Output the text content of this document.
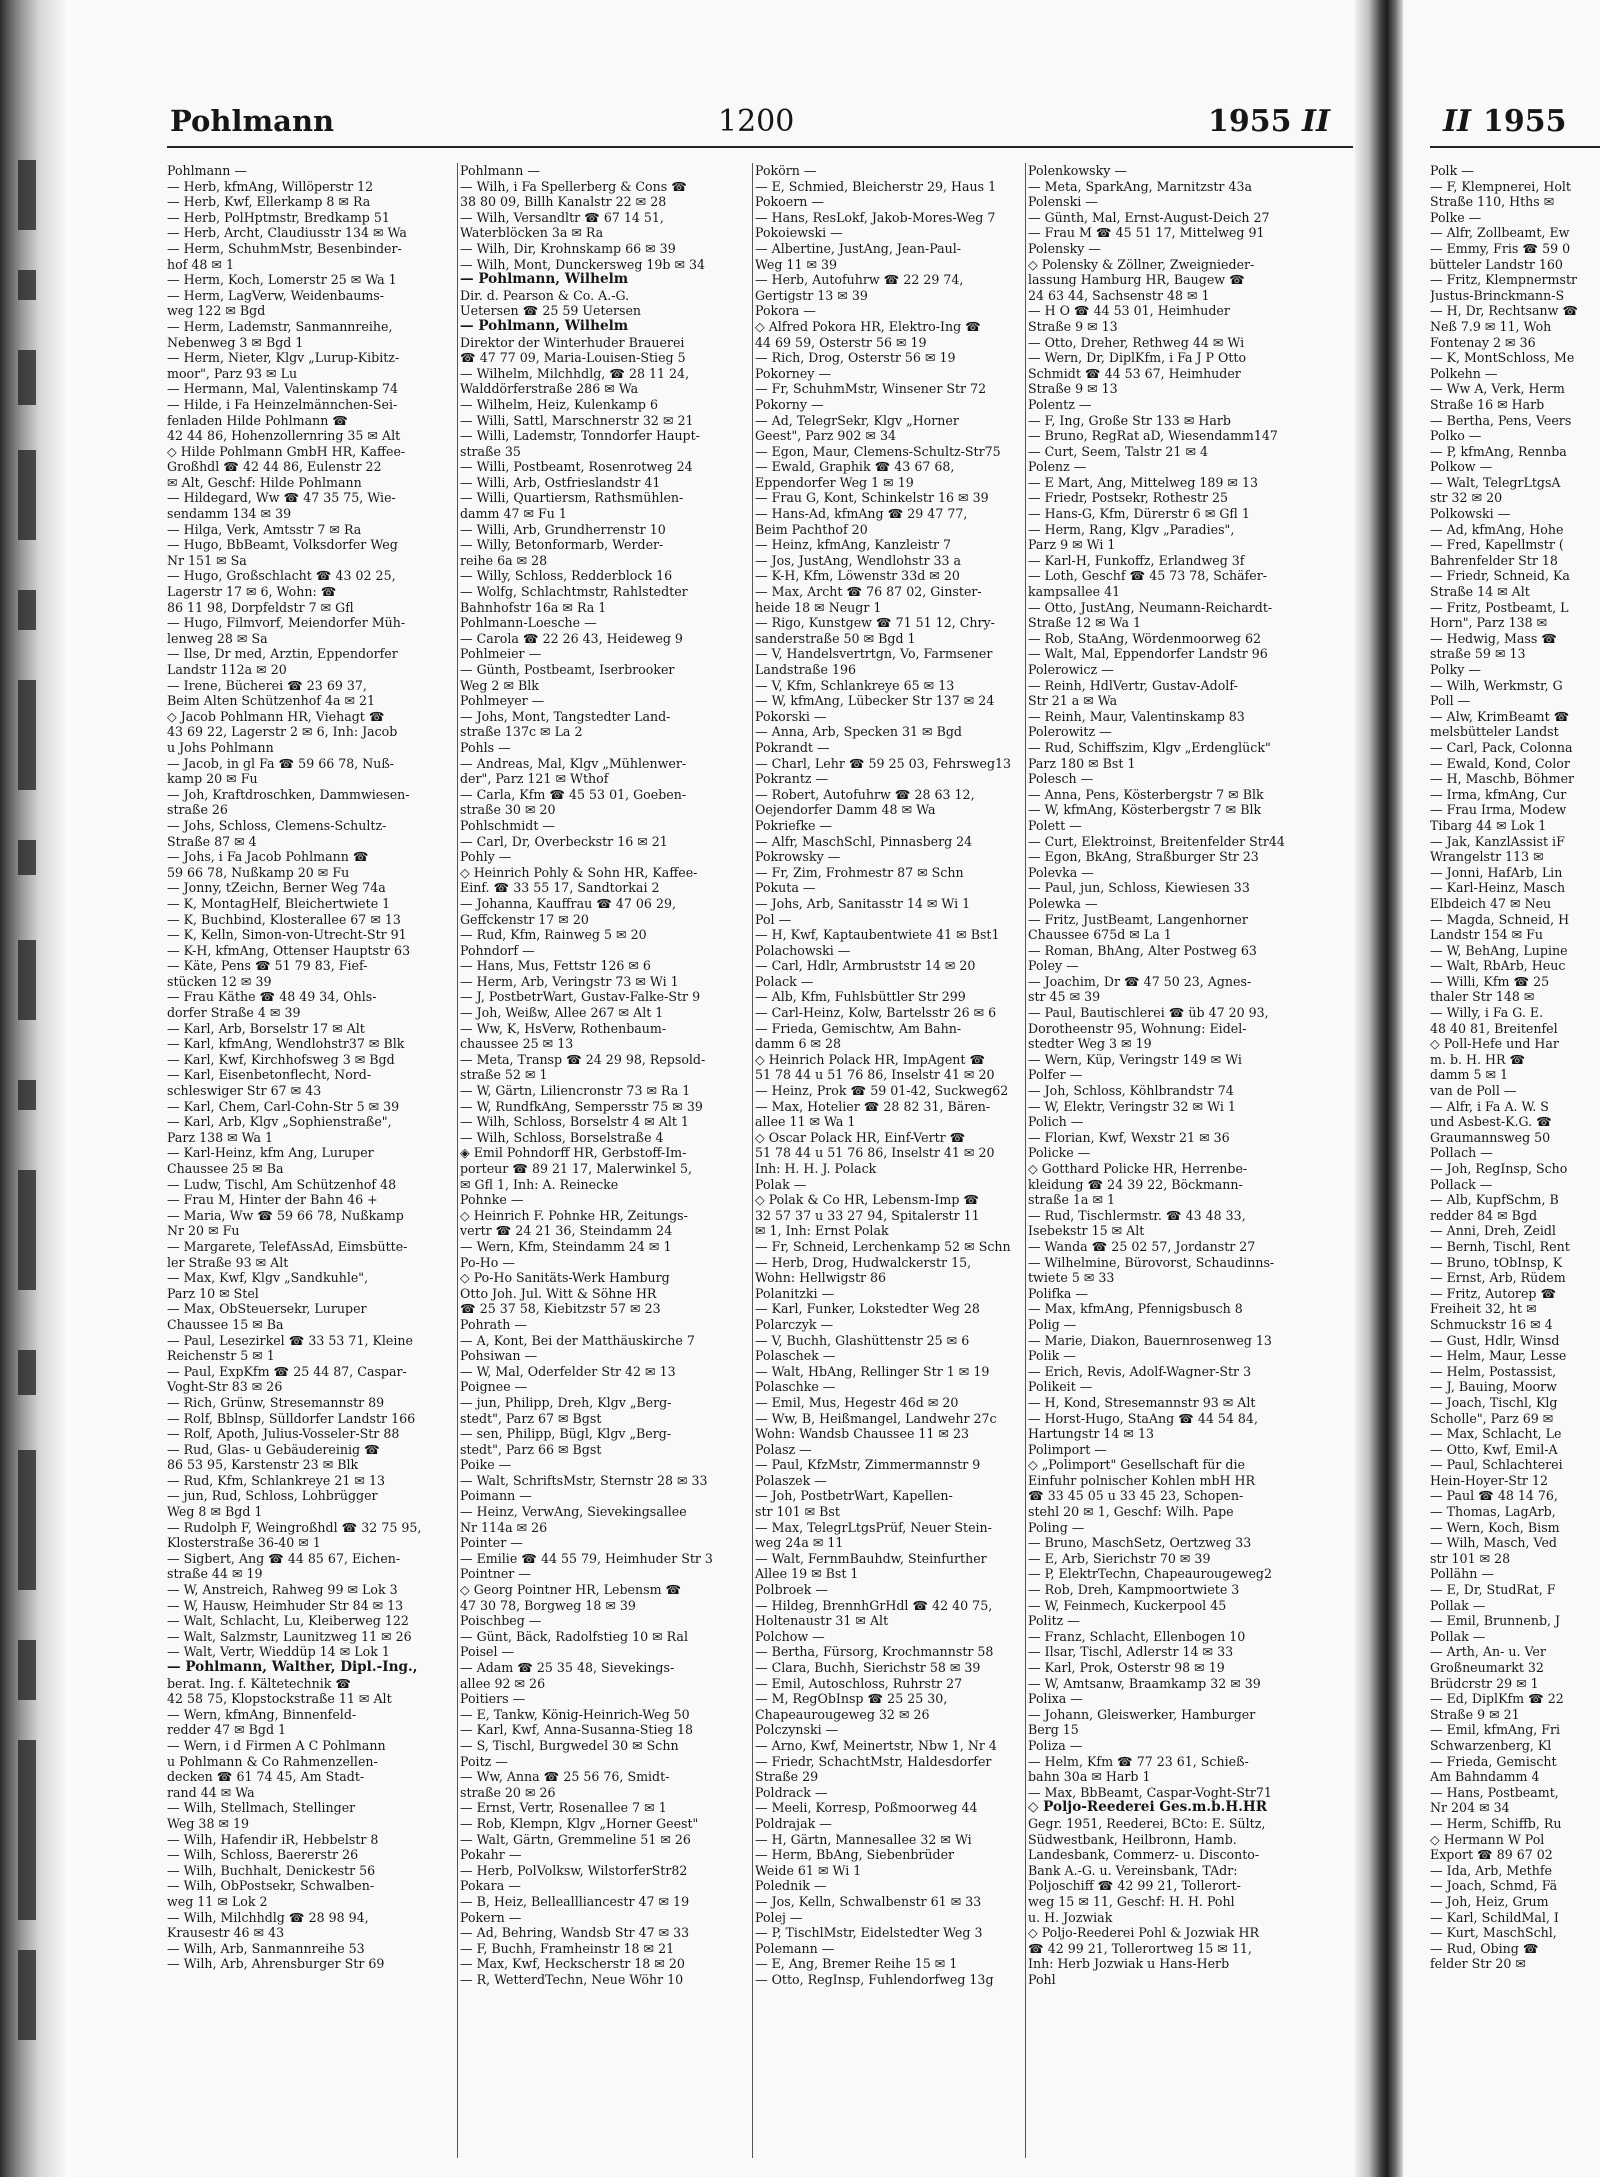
II 1955
Pohlmann	1200	1955 II
Pohlmann —
— Herb, kfmAng, Willöperstr 12
— Herb, Kwf, Ellerkamp 8 ✉ Ra
— Herb, PolHptmstr, Bredkamp 51
— Herb, Archt, Claudiusstr 134 ✉ Wa
— Herm, SchuhmMstr, Besenbinder-
hof 48 ✉ 1
— Herm, Koch, Lomerstr 25 ✉ Wa 1
— Herm, LagVerw, Weidenbaums-
weg 122 ✉ Bgd
— Herm, Lademstr, Sanmannreihe,
Nebenweg 3 ✉ Bgd 1
— Herm, Nieter, Klgv „Lurup-Kibitz-
moor", Parz 93 ✉ Lu
— Hermann, Mal, Valentinskamp 74
— Hilde, i Fa Heinzelmännchen-Sei-
fenladen Hilde Pohlmann ☎
42 44 86, Hohenzollernring 35 ✉ Alt
◇ Hilde Pohlmann GmbH HR, Kaffee-
Großhdl ☎ 42 44 86, Eulenstr 22
✉ Alt, Geschf: Hilde Pohlmann
— Hildegard, Ww ☎ 47 35 75, Wie-
sendamm 134 ✉ 39
— Hilga, Verk, Amtsstr 7 ✉ Ra
— Hugo, BbBeamt, Volksdorfer Weg
Nr 151 ✉ Sa
— Hugo, Großschlacht ☎ 43 02 25,
Lagerstr 17 ✉ 6, Wohn: ☎
86 11 98, Dorpfeldstr 7 ✉ Gfl
— Hugo, Filmvorf, Meiendorfer Müh-
lenweg 28 ✉ Sa
— Ilse, Dr med, Arztin, Eppendorfer
Landstr 112a ✉ 20
— Irene, Bücherei ☎ 23 69 37,
Beim Alten Schützenhof 4a ✉ 21
◇ Jacob Pohlmann HR, Viehagt ☎
43 69 22, Lagerstr 2 ✉ 6, Inh: Jacob
u Johs Pohlmann
— Jacob, in gl Fa ☎ 59 66 78, Nuß-
kamp 20 ✉ Fu
— Joh, Kraftdroschken, Dammwiesen-
straße 26
— Johs, Schloss, Clemens-Schultz-
Straße 87 ✉ 4
— Johs, i Fa Jacob Pohlmann ☎
59 66 78, Nußkamp 20 ✉ Fu
— Jonny, tZeichn, Berner Weg 74a
— K, MontagHelf, Bleichertwiete 1
— K, Buchbind, Klosterallee 67 ✉ 13
— K, Kelln, Simon-von-Utrecht-Str 91
— K-H, kfmAng, Ottenser Hauptstr 63
— Käte, Pens ☎ 51 79 83, Fief-
stücken 12 ✉ 39
— Frau Käthe ☎ 48 49 34, Ohls-
dorfer Straße 4 ✉ 39
— Karl, Arb, Borselstr 17 ✉ Alt
— Karl, kfmAng, Wendlohstr37 ✉ Blk
— Karl, Kwf, Kirchhofsweg 3 ✉ Bgd
— Karl, Eisenbetonflecht, Nord-
schleswiger Str 67 ✉ 43
— Karl, Chem, Carl-Cohn-Str 5 ✉ 39
— Karl, Arb, Klgv „Sophienstraße",
Parz 138 ✉ Wa 1
— Karl-Heinz, kfm Ang, Luruper
Chaussee 25 ✉ Ba
— Ludw, Tischl, Am Schützenhof 48
— Frau M, Hinter der Bahn 46 +
— Maria, Ww ☎ 59 66 78, Nußkamp
Nr 20 ✉ Fu
— Margarete, TelefAssAd, Eimsbütte-
ler Straße 93 ✉ Alt
— Max, Kwf, Klgv „Sandkuhle",
Parz 10 ✉ Stel
— Max, ObSteuersekr, Luruper
Chaussee 15 ✉ Ba
— Paul, Lesezirkel ☎ 33 53 71, Kleine
Reichenstr 5 ✉ 1
— Paul, ExpKfm ☎ 25 44 87, Caspar-
Voght-Str 83 ✉ 26
— Rich, Grünw, Stresemannstr 89
— Rolf, Bblnsp, Sülldorfer Landstr 166
— Rolf, Apoth, Julius-Vosseler-Str 88
— Rud, Glas- u Gebäudereinig ☎
86 53 95, Karstenstr 23 ✉ Blk
— Rud, Kfm, Schlankreye 21 ✉ 13
— jun, Rud, Schloss, Lohbrügger
Weg 8 ✉ Bgd 1
— Rudolph F, Weingroßhdl ☎ 32 75 95,
Klosterstraße 36-40 ✉ 1
— Sigbert, Ang ☎ 44 85 67, Eichen-
straße 44 ✉ 19
— W, Anstreich, Rahweg 99 ✉ Lok 3
— W, Hausw, Heimhuder Str 84 ✉ 13
— Walt, Schlacht, Lu, Kleiberweg 122
— Walt, Salzmstr, Launitzweg 11 ✉ 26
— Walt, Vertr, Wieddüp 14 ✉ Lok 1
— Pohlmann, Walther, Dipl.-Ing.,
berat. Ing. f. Kältetechnik ☎
42 58 75, Klopstockstraße 11 ✉ Alt
— Wern, kfmAng, Binnenfeld-
redder 47 ✉ Bgd 1
— Wern, i d Firmen A C Pohlmann
u Pohlmann & Co Rahmenzellen-
decken ☎ 61 74 45, Am Stadt-
rand 44 ✉ Wa
— Wilh, Stellmach, Stellinger
Weg 38 ✉ 19
— Wilh, Hafendir iR, Hebbelstr 8
— Wilh, Schloss, Baererstr 26
— Wilh, Buchhalt, Denickestr 56
— Wilh, ObPostsekr, Schwalben-
weg 11 ✉ Lok 2
— Wilh, Milchhdlg ☎ 28 98 94,
Krausestr 46 ✉ 43
— Wilh, Arb, Sanmannreihe 53
— Wilh, Arb, Ahrensburger Str 69
Pohlmann —
— Wilh, i Fa Spellerberg & Cons ☎
38 80 09, Billh Kanalstr 22 ✉ 28
— Wilh, Versandltr ☎ 67 14 51,
Waterblöcken 3a ✉ Ra
— Wilh, Dir, Krohnskamp 66 ✉ 39
— Wilh, Mont, Dunckersweg 19b ✉ 34
— Pohlmann, Wilhelm
Dir. d. Pearson & Co. A.-G.
Uetersen ☎ 25 59 Uetersen
— Pohlmann, Wilhelm
Direktor der Winterhuder Brauerei
☎ 47 77 09, Maria-Louisen-Stieg 5
— Wilhelm, Milchhdlg, ☎ 28 11 24,
Walddörferstraße 286 ✉ Wa
— Wilhelm, Heiz, Kulenkamp 6
— Willi, Sattl, Marschnerstr 32 ✉ 21
— Willi, Lademstr, Tonndorfer Haupt-
straße 35
— Willi, Postbeamt, Rosenrotweg 24
— Willi, Arb, Ostfrieslandstr 41
— Willi, Quartiersm, Rathsmühlen-
damm 47 ✉ Fu 1
— Willi, Arb, Grundherrenstr 10
— Willy, Betonformarb, Werder-
reihe 6a ✉ 28
— Willy, Schloss, Redderblock 16
— Wolfg, Schlachtmstr, Rahlstedter
Bahnhofstr 16a ✉ Ra 1
Pohlmann-Loesche —
— Carola ☎ 22 26 43, Heideweg 9
Pohlmeier —
— Günth, Postbeamt, Iserbrooker
Weg 2 ✉ Blk
Pohlmeyer —
— Johs, Mont, Tangstedter Land-
straße 137c ✉ La 2
Pohls —
— Andreas, Mal, Klgv „Mühlenwer-
der", Parz 121 ✉ Wthof
— Carla, Kfm ☎ 45 53 01, Goeben-
straße 30 ✉ 20
Pohlschmidt —
— Carl, Dr, Overbeckstr 16 ✉ 21
Pohly —
◇ Heinrich Pohly & Sohn HR, Kaffee-
Einf. ☎ 33 55 17, Sandtorkai 2
— Johanna, Kauffrau ☎ 47 06 29,
Geffckenstr 17 ✉ 20
— Rud, Kfm, Rainweg 5 ✉ 20
Pohndorf —
— Hans, Mus, Fettstr 126 ✉ 6
— Herm, Arb, Veringstr 73 ✉ Wi 1
— J, PostbetrWart, Gustav-Falke-Str 9
— Joh, Weißw, Allee 267 ✉ Alt 1
— Ww, K, HsVerw, Rothenbaum-
chaussee 25 ✉ 13
— Meta, Transp ☎ 24 29 98, Repsold-
straße 52 ✉ 1
— W, Gärtn, Liliencronstr 73 ✉ Ra 1
— W, RundfkAng, Sempersstr 75 ✉ 39
— Wilh, Schloss, Borselstr 4 ✉ Alt 1
— Wilh, Schloss, Borselstraße 4
◈ Emil Pohndorff HR, Gerbstoff-Im-
porteur ☎ 89 21 17, Malerwinkel 5,
✉ Gfl 1, Inh: A. Reinecke
Pohnke —
◇ Heinrich F. Pohnke HR, Zeitungs-
vertr ☎ 24 21 36, Steindamm 24
— Wern, Kfm, Steindamm 24 ✉ 1
Po-Ho —
◇ Po-Ho Sanitäts-Werk Hamburg
Otto Joh. Jul. Witt & Söhne HR
☎ 25 37 58, Kiebitzstr 57 ✉ 23
Pohrath —
— A, Kont, Bei der Matthäuskirche 7
Pohsiwan —
— W, Mal, Oderfelder Str 42 ✉ 13
Poignee —
— jun, Philipp, Dreh, Klgv „Berg-
stedt", Parz 67 ✉ Bgst
— sen, Philipp, Bügl, Klgv „Berg-
stedt", Parz 66 ✉ Bgst
Poike —
— Walt, SchriftsMstr, Sternstr 28 ✉ 33
Poimann —
— Heinz, VerwAng, Sievekingsallee
Nr 114a ✉ 26
Pointer —
— Emilie ☎ 44 55 79, Heimhuder Str 3
Pointner —
◇ Georg Pointner HR, Lebensm ☎
47 30 78, Borgweg 18 ✉ 39
Poischbeg —
— Günt, Bäck, Radolfstieg 10 ✉ Ral
Poisel —
— Adam ☎ 25 35 48, Sievekings-
allee 92 ✉ 26
Poitiers —
— E, Tankw, König-Heinrich-Weg 50
— Karl, Kwf, Anna-Susanna-Stieg 18
— S, Tischl, Burgwedel 30 ✉ Schn
Poitz —
— Ww, Anna ☎ 25 56 76, Smidt-
straße 20 ✉ 26
— Ernst, Vertr, Rosenallee 7 ✉ 1
— Rob, Klempn, Klgv „Horner Geest"
— Walt, Gärtn, Gremmeline 51 ✉ 26
Pokahr —
— Herb, PolVolksw, WilstorferStr82
Pokara —
— B, Heiz, Belleallliancestr 47 ✉ 19
Pokern —
— Ad, Behring, Wandsb Str 47 ✉ 33
— F, Buchh, Framheinstr 18 ✉ 21
— Max, Kwf, Heckscherstr 18 ✉ 20
— R, WetterdTechn, Neue Wöhr 10
Pokörn —
— E, Schmied, Bleicherstr 29, Haus 1
Pokoern —
— Hans, ResLokf, Jakob-Mores-Weg 7
Pokoiewski —
— Albertine, JustAng, Jean-Paul-
Weg 11 ✉ 39
— Herb, Autofuhrw ☎ 22 29 74,
Gertigstr 13 ✉ 39
Pokora —
◇ Alfred Pokora HR, Elektro-Ing ☎
44 69 59, Osterstr 56 ✉ 19
— Rich, Drog, Osterstr 56 ✉ 19
Pokorney —
— Fr, SchuhmMstr, Winsener Str 72
Pokorny —
— Ad, TelegrSekr, Klgv „Horner
Geest", Parz 902 ✉ 34
— Egon, Maur, Clemens-Schultz-Str75
— Ewald, Graphik ☎ 43 67 68,
Eppendorfer Weg 1 ✉ 19
— Frau G, Kont, Schinkelstr 16 ✉ 39
— Hans-Ad, kfmAng ☎ 29 47 77,
Beim Pachthof 20
— Heinz, kfmAng, Kanzleistr 7
— Jos, JustAng, Wendlohstr 33 a
— K-H, Kfm, Löwenstr 33d ✉ 20
— Max, Archt ☎ 76 87 02, Ginster-
heide 18 ✉ Neugr 1
— Rigo, Kunstgew ☎ 71 51 12, Chry-
sanderstraße 50 ✉ Bgd 1
— V, Handelsvertrtgn, Vo, Farmsener
Landstraße 196
— V, Kfm, Schlankreye 65 ✉ 13
— W, kfmAng, Lübecker Str 137 ✉ 24
Pokorski —
— Anna, Arb, Specken 31 ✉ Bgd
Pokrandt —
— Charl, Lehr ☎ 59 25 03, Fehrsweg13
Pokrantz —
— Robert, Autofuhrw ☎ 28 63 12,
Oejendorfer Damm 48 ✉ Wa
Pokriefke —
— Alfr, MaschSchl, Pinnasberg 24
Pokrowsky —
— Fr, Zim, Frohmestr 87 ✉ Schn
Pokuta —
— Johs, Arb, Sanitasstr 14 ✉ Wi 1
Pol —
— H, Kwf, Kaptaubentwiete 41 ✉ Bst1
Polachowski —
— Carl, Hdlr, Armbruststr 14 ✉ 20
Polack —
— Alb, Kfm, Fuhlsbüttler Str 299
— Carl-Heinz, Kolw, Bartelsstr 26 ✉ 6
— Frieda, Gemischtw, Am Bahn-
damm 6 ✉ 28
◇ Heinrich Polack HR, ImpAgent ☎
51 78 44 u 51 76 86, Inselstr 41 ✉ 20
— Heinz, Prok ☎ 59 01-42, Suckweg62
— Max, Hotelier ☎ 28 82 31, Bären-
allee 11 ✉ Wa 1
◇ Oscar Polack HR, Einf-Vertr ☎
51 78 44 u 51 76 86, Inselstr 41 ✉ 20
Inh: H. H. J. Polack
Polak —
◇ Polak & Co HR, Lebensm-Imp ☎
32 57 37 u 33 27 94, Spitalerstr 11
✉ 1, Inh: Ernst Polak
— Fr, Schneid, Lerchenkamp 52 ✉ Schn
— Herb, Drog, Hudwalckerstr 15,
Wohn: Hellwigstr 86
Polanitzki —
— Karl, Funker, Lokstedter Weg 28
Polarczyk —
— V, Buchh, Glashüttenstr 25 ✉ 6
Polaschek —
— Walt, HbAng, Rellinger Str 1 ✉ 19
Polaschke —
— Emil, Mus, Hegestr 46d ✉ 20
— Ww, B, Heißmangel, Landwehr 27c
Wohn: Wandsb Chaussee 11 ✉ 23
Polasz —
— Paul, KfzMstr, Zimmermannstr 9
Polaszek —
— Joh, PostbetrWart, Kapellen-
str 101 ✉ Bst
— Max, TelegrLtgsPrüf, Neuer Stein-
weg 24a ✉ 11
— Walt, FernmBauhdw, Steinfurther
Allee 19 ✉ Bst 1
Polbroek —
— Hildeg, BrennhGrHdl ☎ 42 40 75,
Holtenaustr 31 ✉ Alt
Polchow —
— Bertha, Fürsorg, Krochmannstr 58
— Clara, Buchh, Sierichstr 58 ✉ 39
— Emil, Autoschloss, Ruhrstr 27
— M, RegObInsp ☎ 25 25 30,
Chapeaurougeweg 32 ✉ 26
Polczynski —
— Arno, Kwf, Meinertstr, Nbw 1, Nr 4
— Friedr, SchachtMstr, Haldesdorfer
Straße 29
Poldrack —
— Meeli, Korresp, Poßmoorweg 44
Poldrajak —
— H, Gärtn, Mannesallee 32 ✉ Wi
— Herm, BbAng, Siebenbrüder
Weide 61 ✉ Wi 1
Polednik —
— Jos, Kelln, Schwalbenstr 61 ✉ 33
Polej —
— P, TischlMstr, Eidelstedter Weg 3
Polemann —
— E, Ang, Bremer Reihe 15 ✉ 1
— Otto, RegInsp, Fuhlendorfweg 13g
Polenkowsky —
— Meta, SparkAng, Marnitzstr 43a
Polenski —
— Günth, Mal, Ernst-August-Deich 27
— Frau M ☎ 45 51 17, Mittelweg 91
Polensky —
◇ Polensky & Zöllner, Zweignieder-
lassung Hamburg HR, Baugew ☎
24 63 44, Sachsenstr 48 ✉ 1
— H O ☎ 44 53 01, Heimhuder
Straße 9 ✉ 13
— Otto, Dreher, Rethweg 44 ✉ Wi
— Wern, Dr, DiplKfm, i Fa J P Otto
Schmidt ☎ 44 53 67, Heimhuder
Straße 9 ✉ 13
Polentz —
— F, Ing, Große Str 133 ✉ Harb
— Bruno, RegRat aD, Wiesendamm147
— Curt, Seem, Talstr 21 ✉ 4
Polenz —
— E Mart, Ang, Mittelweg 189 ✉ 13
— Friedr, Postsekr, Rothestr 25
— Hans-G, Kfm, Dürerstr 6 ✉ Gfl 1
— Herm, Rang, Klgv „Paradies",
Parz 9 ✉ Wi 1
— Karl-H, Funkoffz, Erlandweg 3f
— Loth, Geschf ☎ 45 73 78, Schäfer-
kampsallee 41
— Otto, JustAng, Neumann-Reichardt-
Straße 12 ✉ Wa 1
— Rob, StaAng, Wördenmoorweg 62
— Walt, Mal, Eppendorfer Landstr 96
Polerowicz —
— Reinh, HdlVertr, Gustav-Adolf-
Str 21 a ✉ Wa
— Reinh, Maur, Valentinskamp 83
Polerowitz —
— Rud, Schiffszim, Klgv „Erdenglück"
Parz 180 ✉ Bst 1
Polesch —
— Anna, Pens, Kösterbergstr 7 ✉ Blk
— W, kfmAng, Kösterbergstr 7 ✉ Blk
Polett —
— Curt, Elektroinst, Breitenfelder Str44
— Egon, BkAng, Straßburger Str 23
Polevka —
— Paul, jun, Schloss, Kiewiesen 33
Polewka —
— Fritz, JustBeamt, Langenhorner
Chaussee 675d ✉ La 1
— Roman, BhAng, Alter Postweg 63
Poley —
— Joachim, Dr ☎ 47 50 23, Agnes-
str 45 ✉ 39
— Paul, Bautischlerei ☎ üb 47 20 93,
Dorotheenstr 95, Wohnung: Eidel-
stedter Weg 3 ✉ 19
— Wern, Küp, Veringstr 149 ✉ Wi
Polfer —
— Joh, Schloss, Köhlbrandstr 74
— W, Elektr, Veringstr 32 ✉ Wi 1
Polich —
— Florian, Kwf, Wexstr 21 ✉ 36
Policke —
◇ Gotthard Policke HR, Herrenbe-
kleidung ☎ 24 39 22, Böckmann-
straße 1a ✉ 1
— Rud, Tischlermstr. ☎ 43 48 33,
Isebekstr 15 ✉ Alt
— Wanda ☎ 25 02 57, Jordanstr 27
— Wilhelmine, Bürovorst, Schaudinns-
twiete 5 ✉ 33
Polifka —
— Max, kfmAng, Pfennigsbusch 8
Polig —
— Marie, Diakon, Bauernrosenweg 13
Polik —
— Erich, Revis, Adolf-Wagner-Str 3
Polikeit —
— H, Kond, Stresemannstr 93 ✉ Alt
— Horst-Hugo, StaAng ☎ 44 54 84,
Hartungstr 14 ✉ 13
Polimport —
◇ „Polimport" Gesellschaft für die
Einfuhr polnischer Kohlen mbH HR
☎ 33 45 05 u 33 45 23, Schopen-
stehl 20 ✉ 1, Geschf: Wilh. Pape
Poling —
— Bruno, MaschSetz, Oertzweg 33
— E, Arb, Sierichstr 70 ✉ 39
— P, ElektrTechn, Chapeaurougeweg2
— Rob, Dreh, Kampmoortwiete 3
— W, Feinmech, Kuckerpool 45
Politz —
— Franz, Schlacht, Ellenbogen 10
— Ilsar, Tischl, Adlerstr 14 ✉ 33
— Karl, Prok, Osterstr 98 ✉ 19
— W, Amtsanw, Braamkamp 32 ✉ 39
Polixa —
— Johann, Gleiswerker, Hamburger
Berg 15
Poliza —
— Helm, Kfm ☎ 77 23 61, Schieß-
bahn 30a ✉ Harb 1
— Max, BbBeamt, Caspar-Voght-Str71
◇ Poljo-Reederei Ges.m.b.H.HR
Gegr. 1951, Reederei, BCto: E. Sültz,
Südwestbank, Heilbronn, Hamb.
Landesbank, Commerz- u. Disconto-
Bank A.-G. u. Vereinsbank, TAdr:
Poljoschiff ☎ 42 99 21, Tollerort-
weg 15 ✉ 11, Geschf: H. H. Pohl
u. H. Jozwiak
◇ Poljo-Reederei Pohl & Jozwiak HR
☎ 42 99 21, Tollerortweg 15 ✉ 11,
Inh: Herb Jozwiak u Hans-Herb
Pohl
Polk —
— F, Klempnerei, Holt
Straße 110, Hths ✉
Polke —
— Alfr, Zollbeamt, Ew
— Emmy, Fris ☎ 59 0
bütteler Landstr 160
— Fritz, Klempnermstr
Justus-Brinckmann-S
— H, Dr, Rechtsanw ☎
Neß 7.9 ✉ 11, Woh
Fontenay 2 ✉ 36
— K, MontSchloss, Me
Polkehn —
— Ww A, Verk, Herm
Straße 16 ✉ Harb
— Bertha, Pens, Veers
Polko —
— P, kfmAng, Rennba
Polkow —
— Walt, TelegrLtgsA
str 32 ✉ 20
Polkowski —
— Ad, kfmAng, Hohe
— Fred, Kapellmstr (
Bahrenfelder Str 18
— Friedr, Schneid, Ka
Straße 14 ✉ Alt
— Fritz, Postbeamt, L
Horn", Parz 138 ✉
— Hedwig, Mass ☎
straße 59 ✉ 13
Polky —
— Wilh, Werkmstr, G
Poll —
— Alw, KrimBeamt ☎
melsbütteler Landst
— Carl, Pack, Colonna
— Ewald, Kond, Color
— H, Maschb, Böhmer
— Irma, kfmAng, Cur
— Frau Irma, Modew
Tibarg 44 ✉ Lok 1
— Jak, KanzlAssist iF
Wrangelstr 113 ✉
— Jonni, HafArb, Lin
— Karl-Heinz, Masch
Elbdeich 47 ✉ Neu
— Magda, Schneid, H
Landstr 154 ✉ Fu
— W, BehAng, Lupine
— Walt, RbArb, Heuc
— Willi, Kfm ☎ 25
thaler Str 148 ✉
— Willy, i Fa G. E.
48 40 81, Breitenfel
◇ Poll-Hefe und Har
m. b. H. HR ☎
damm 5 ✉ 1
van de Poll —
— Alfr, i Fa A. W. S
und Asbest-K.G. ☎
Graumannsweg 50
Pollach —
— Joh, RegInsp, Scho
Pollack —
— Alb, KupfSchm, B
redder 84 ✉ Bgd
— Anni, Dreh, Zeidl
— Bernh, Tischl, Rent
— Bruno, tObInsp, K
— Ernst, Arb, Rüdem
— Fritz, Autorep ☎
Freiheit 32, ht ✉
Schmuckstr 16 ✉ 4
— Gust, Hdlr, Winsd
— Helm, Maur, Lesse
— Helm, Postassist,
— J, Bauing, Moorw
— Joach, Tischl, Klg
Scholle", Parz 69 ✉
— Max, Schlacht, Le
— Otto, Kwf, Emil-A
— Paul, Schlachterei
Hein-Hoyer-Str 12
— Paul ☎ 48 14 76,
— Thomas, LagArb,
— Wern, Koch, Bism
— Wilh, Masch, Ved
str 101 ✉ 28
Pollähn —
— E, Dr, StudRat, F
Pollak —
— Emil, Brunnenb, J
Pollak —
— Arth, An- u. Ver
Großneumarkt 32
Brüdcrstr 29 ✉ 1
— Ed, DiplKfm ☎ 22
Straße 9 ✉ 21
— Emil, kfmAng, Fri
Schwarzenberg, Kl
— Frieda, Gemischt
Am Bahndamm 4
— Hans, Postbeamt,
Nr 204 ✉ 34
— Herm, Schiffb, Ru
◇ Hermann W Pol
Export ☎ 89 67 02
— Ida, Arb, Methfe
— Joach, Schmd, Fä
— Joh, Heiz, Grum
— Karl, SchildMal, I
— Kurt, MaschSchl,
— Rud, Obing ☎
felder Str 20 ✉
